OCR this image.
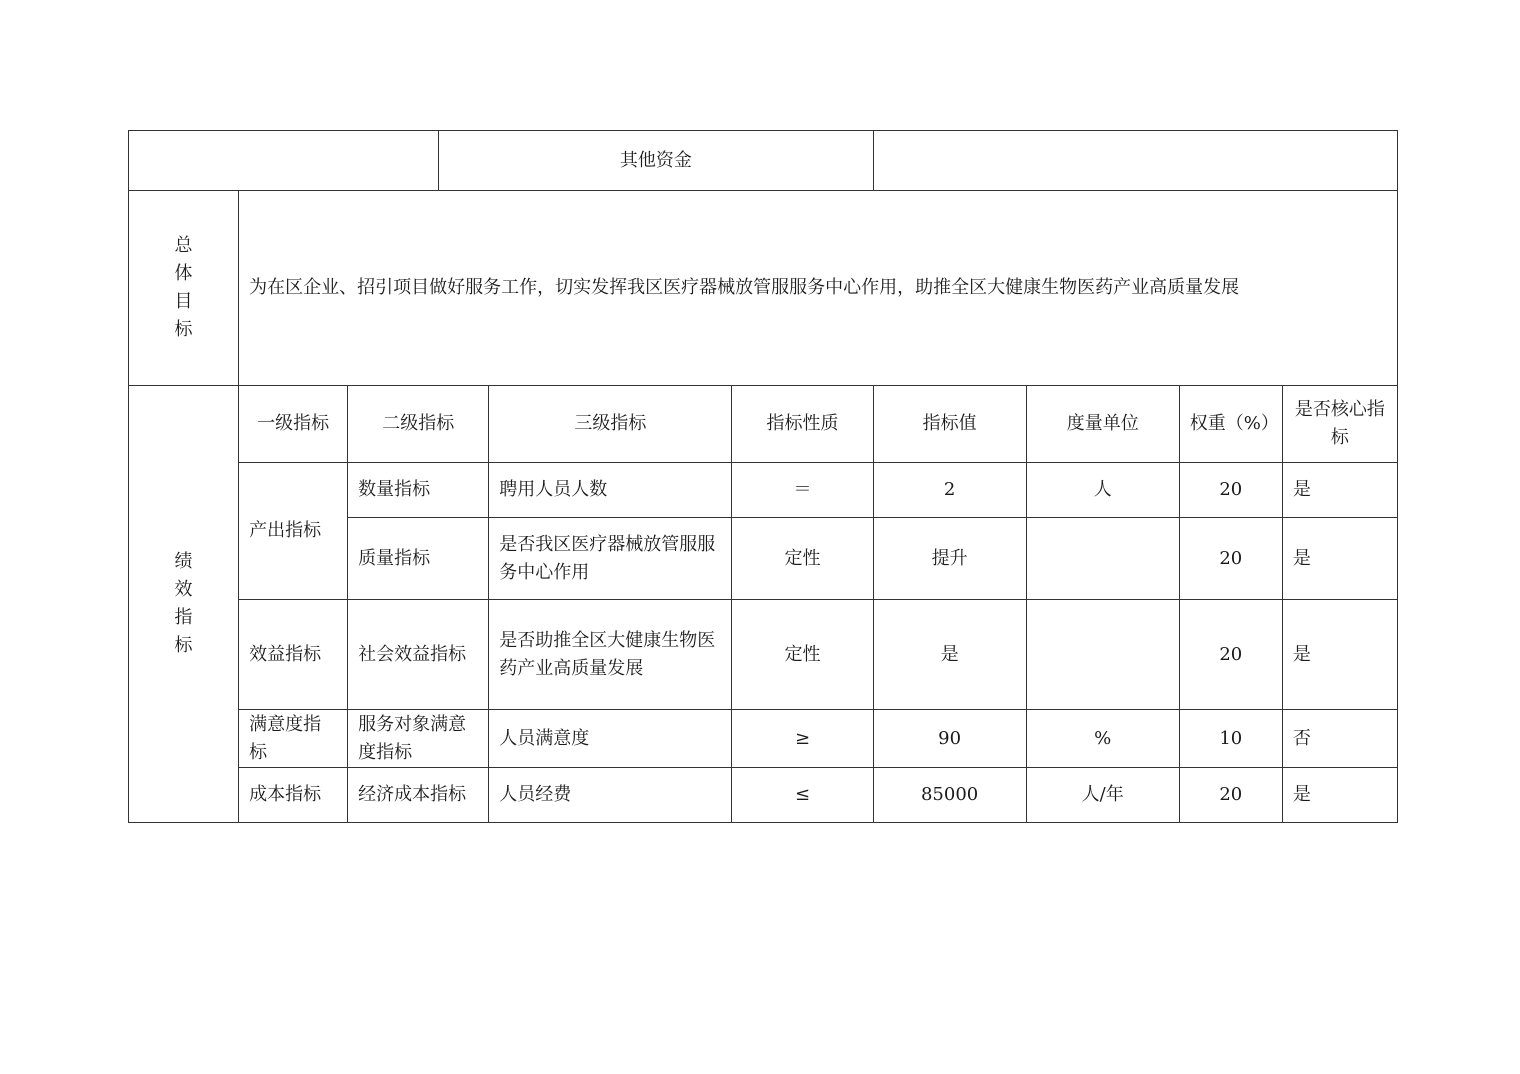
			其他资金						

总
体
目
标	为在区企业、招引项目做好服务工作，切实发挥我区医疗器械放管服服务中心作用，助推全区大健康生物医药产业高质量发展								

绩
效
指
标	一级指标	二级指标		三级指标	指标性质	指标值	度量单位	权重（%）	是否核心指标
	产出指标	数量指标		聘用人员人数	＝	2	人	20	是
		质量指标		是否我区医疗器械放管服服务中心作用	定性	提升		20	是
	效益指标	社会效益指标		是否助推全区大健康生物医药产业高质量发展	定性	是		20	是
	满意度指标	服务对象满意度指标		人员满意度	≥	90	%	10	否
	成本指标	经济成本指标		人员经费	≤	85000	人/年	20	是
